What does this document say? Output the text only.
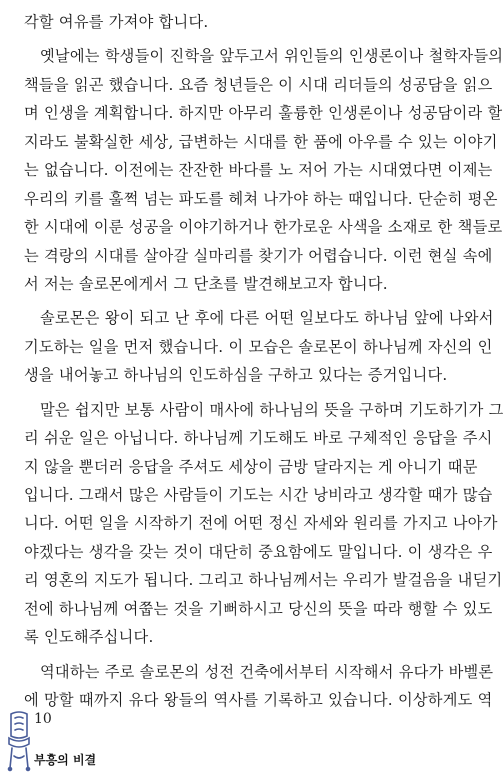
각할 여유를 가져야 합니다.
옛날에는 학생들이 진학을 앞두고서 위인들의 인생론이나 철학자들의
책들을 읽곤 했습니다. 요즘 청년들은 이 시대 리더들의 성공담을 읽으
며 인생을 계획합니다. 하지만 아무리 훌륭한 인생론이나 성공담이라 할
지라도 불확실한 세상, 급변하는 시대를 한 품에 아우를 수 있는 이야기
는 없습니다. 이전에는 잔잔한 바다를 노 저어 가는 시대였다면 이제는
우리의 키를 훌쩍 넘는 파도를 헤쳐 나가야 하는 때입니다. 단순히 평온
한 시대에 이룬 성공을 이야기하거나 한가로운 사색을 소재로 한 책들로
는 격랑의 시대를 살아갈 실마리를 찾기가 어렵습니다. 이런 현실 속에
서 저는 솔로몬에게서 그 단초를 발견해보고자 합니다.
솔로몬은 왕이 되고 난 후에 다른 어떤 일보다도 하나님 앞에 나와서
기도하는 일을 먼저 했습니다. 이 모습은 솔로몬이 하나님께 자신의 인
생을 내어놓고 하나님의 인도하심을 구하고 있다는 증거입니다.
말은 쉽지만 보통 사람이 매사에 하나님의 뜻을 구하며 기도하기가 그
리 쉬운 일은 아닙니다. 하나님께 기도해도 바로 구체적인 응답을 주시
지 않을 뿐더러 응답을 주셔도 세상이 금방 달라지는 게 아니기 때문
입니다. 그래서 많은 사람들이 기도는 시간 낭비라고 생각할 때가 많습
니다. 어떤 일을 시작하기 전에 어떤 정신 자세와 원리를 가지고 나아가
야겠다는 생각을 갖는 것이 대단히 중요함에도 말입니다. 이 생각은 우
리 영혼의 지도가 됩니다. 그리고 하나님께서는 우리가 발걸음을 내딛기
전에 하나님께 여쭙는 것을 기뻐하시고 당신의 뜻을 따라 행할 수 있도
록 인도해주십니다.
역대하는 주로 솔로몬의 성전 건축에서부터 시작해서 유다가 바벨론
에 망할 때까지 유다 왕들의 역사를 기록하고 있습니다. 이상하게도 역
10
부흥의 비결
